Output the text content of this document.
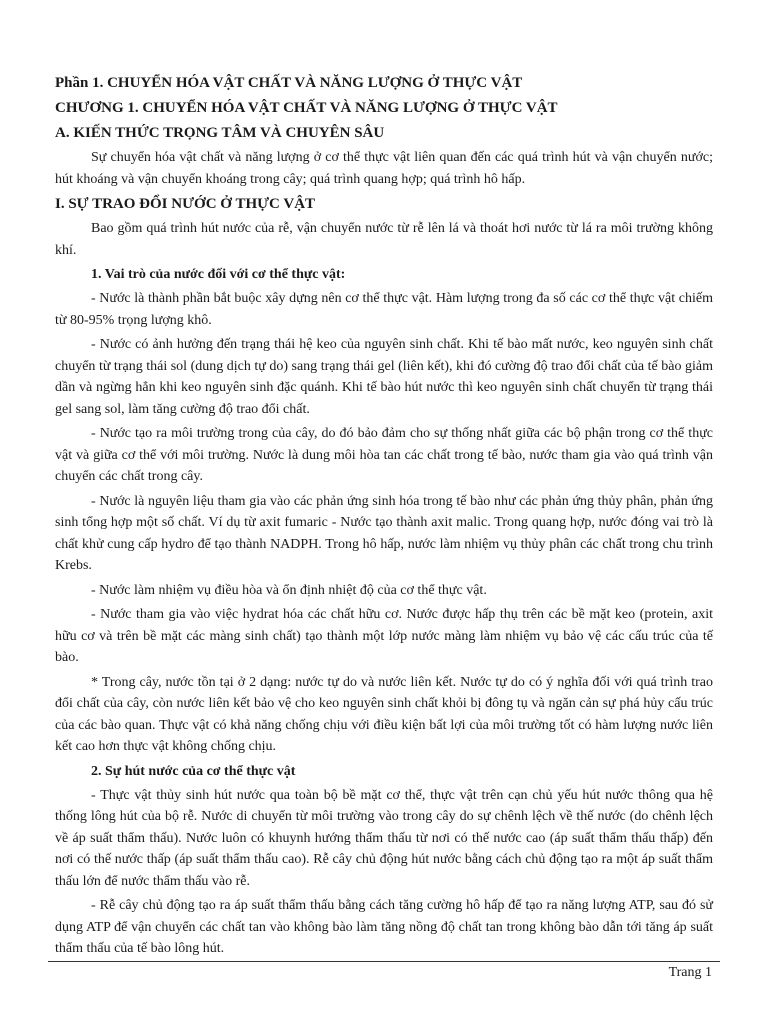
Phần 1. CHUYỂN HÓA VẬT CHẤT VÀ NĂNG LƯỢNG Ở THỰC VẬT
CHƯƠNG 1. CHUYỂN HÓA VẬT CHẤT VÀ NĂNG LƯỢNG Ở THỰC VẬT
A. KIẾN THỨC TRỌNG TÂM VÀ CHUYÊN SÂU

Sự chuyển hóa vật chất và năng lượng ở cơ thể thực vật liên quan đến các quá trình hút và vận chuyển nước; hút khoáng và vận chuyển khoáng trong cây; quá trình quang hợp; quá trình hô hấp.

I. SỰ TRAO ĐỔI NƯỚC Ở THỰC VẬT

Bao gồm quá trình hút nước của rễ, vận chuyển nước từ rễ lên lá và thoát hơi nước từ lá ra môi trường không khí.

1. Vai trò của nước đối với cơ thể thực vật:

- Nước là thành phần bắt buộc xây dựng nên cơ thể thực vật. Hàm lượng trong đa số các cơ thể thực vật chiếm từ 80-95% trọng lượng khô.

- Nước có ảnh hưởng đến trạng thái hệ keo của nguyên sinh chất. Khi tế bào mất nước, keo nguyên sinh chất chuyển từ trạng thái sol (dung dịch tự do) sang trạng thái gel (liên kết), khi đó cường độ trao đổi chất của tế bào giảm dần và ngừng hẳn khi keo nguyên sinh đặc quánh. Khi tế bào hút nước thì keo nguyên sinh chất chuyển từ trạng thái gel sang sol, làm tăng cường độ trao đổi chất.

- Nước tạo ra môi trường trong của cây, do đó bảo đảm cho sự thống nhất giữa các bộ phận trong cơ thể thực vật và giữa cơ thể với môi trường. Nước là dung môi hòa tan các chất trong tế bào, nước tham gia vào quá trình vận chuyển các chất trong cây.

- Nước là nguyên liệu tham gia vào các phản ứng sinh hóa trong tế bào như các phản ứng thủy phân, phản ứng sinh tổng hợp một số chất. Ví dụ từ axit fumaric - Nước tạo thành axit malic. Trong quang hợp, nước đóng vai trò là chất khử cung cấp hydro để tạo thành NADPH. Trong hô hấp, nước làm nhiệm vụ thủy phân các chất trong chu trình Krebs.

- Nước làm nhiệm vụ điều hòa và ổn định nhiệt độ của cơ thể thực vật.

- Nước tham gia vào việc hydrat hóa các chất hữu cơ. Nước được hấp thụ trên các bề mặt keo (protein, axit hữu cơ và trên bề mặt các màng sinh chất) tạo thành một lớp nước màng làm nhiệm vụ bảo vệ các cấu trúc của tế bào.

* Trong cây, nước tồn tại ở 2 dạng: nước tự do và nước liên kết. Nước tự do có ý nghĩa đối với quá trình trao đổi chất của cây, còn nước liên kết bảo vệ cho keo nguyên sinh chất khỏi bị đông tụ và ngăn cản sự phá hủy cấu trúc của các bào quan. Thực vật có khả năng chống chịu với điều kiện bất lợi của môi trường tốt có hàm lượng nước liên kết cao hơn thực vật không chống chịu.

2. Sự hút nước của cơ thể thực vật

- Thực vật thủy sinh hút nước qua toàn bộ bề mặt cơ thể, thực vật trên cạn chủ yếu hút nước thông qua hệ thống lông hút của bộ rễ. Nước di chuyển từ môi trường vào trong cây do sự chênh lệch về thế nước (do chênh lệch về áp suất thẩm thấu). Nước luôn có khuynh hướng thẩm thấu từ nơi có thế nước cao (áp suất thẩm thấu thấp) đến nơi có thế nước thấp (áp suất thẩm thấu cao). Rễ cây chủ động hút nước bằng cách chủ động tạo ra một áp suất thẩm thấu lớn để nước thẩm thấu vào rễ.

- Rễ cây chủ động tạo ra áp suất thẩm thấu bằng cách tăng cường hô hấp để tạo ra năng lượng ATP, sau đó sử dụng ATP để vận chuyển các chất tan vào không bào làm tăng nồng độ chất tan trong không bào dẫn tới tăng áp suất thẩm thấu của tế bào lông hút.

Trang 1
